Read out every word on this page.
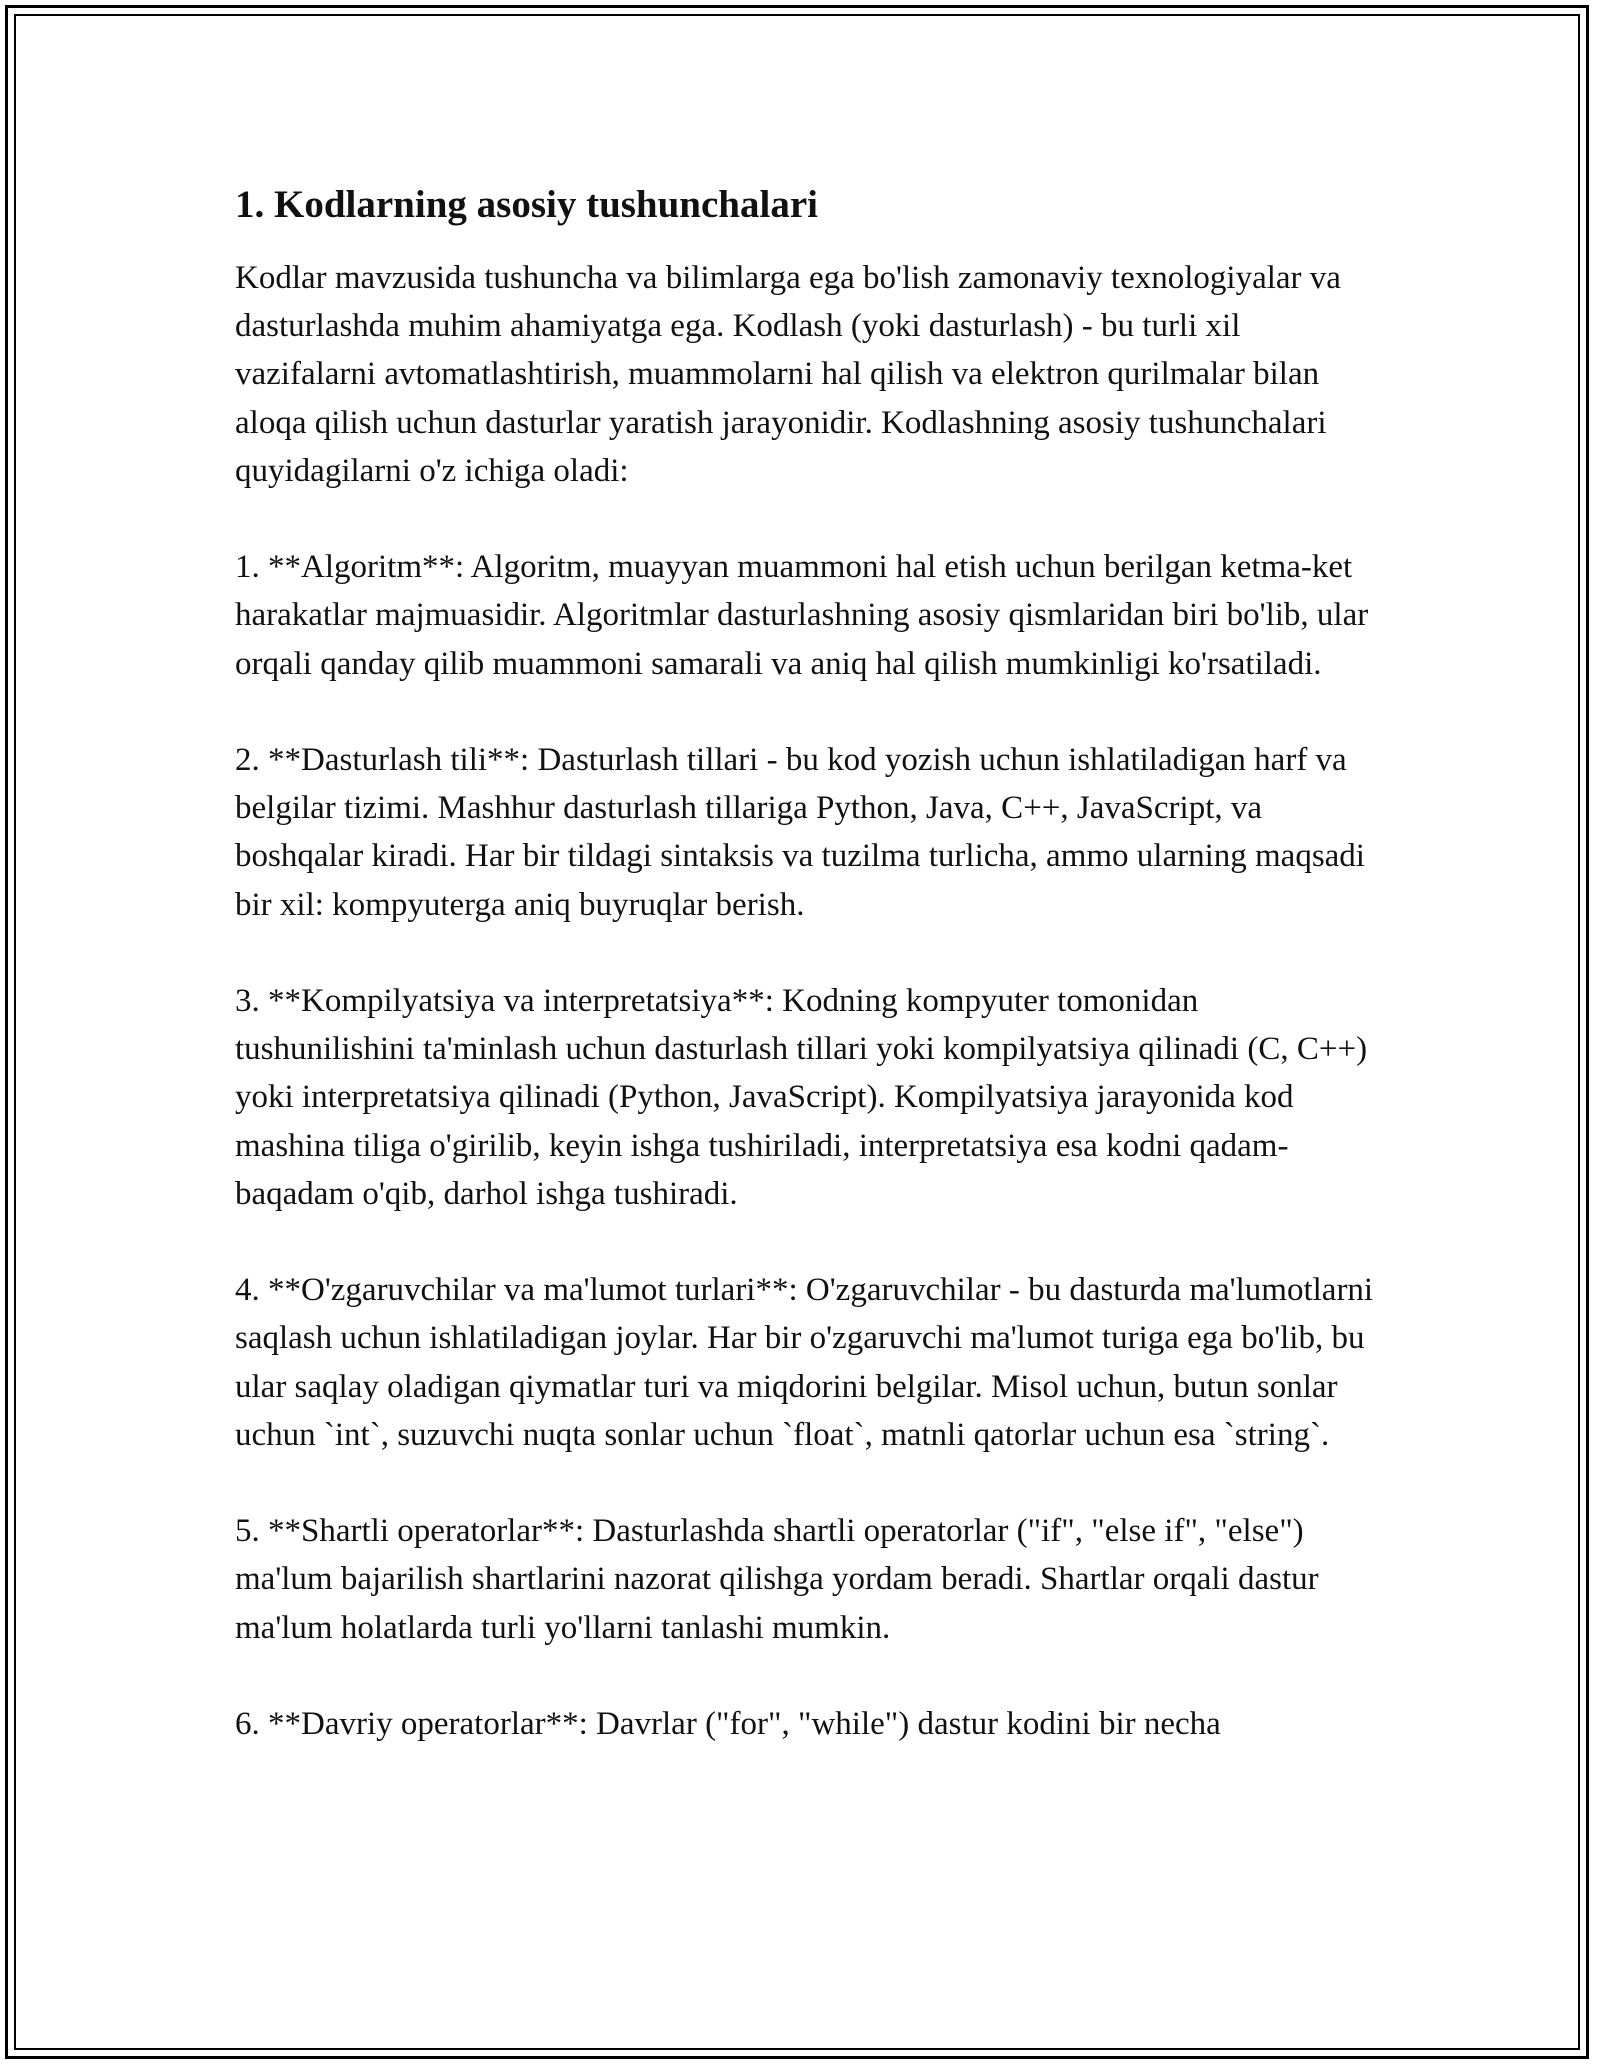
1. Kodlarning asosiy tushunchalari

Kodlar mavzusida tushuncha va bilimlarga ega bo'lish zamonaviy texnologiyalar va dasturlashda muhim ahamiyatga ega. Kodlash (yoki dasturlash) - bu turli xil vazifalarni avtomatlashtirish, muammolarni hal qilish va elektron qurilmalar bilan aloqa qilish uchun dasturlar yaratish jarayonidir. Kodlashning asosiy tushunchalari quyidagilarni o'z ichiga oladi:

1. **Algoritm**: Algoritm, muayyan muammoni hal etish uchun berilgan ketma-ket harakatlar majmuasidir. Algoritmlar dasturlashning asosiy qismlaridan biri bo'lib, ular orqali qanday qilib muammoni samarali va aniq hal qilish mumkinligi ko'rsatiladi.

2. **Dasturlash tili**: Dasturlash tillari - bu kod yozish uchun ishlatiladigan harf va belgilar tizimi. Mashhur dasturlash tillariga Python, Java, C++, JavaScript, va boshqalar kiradi. Har bir tildagi sintaksis va tuzilma turlicha, ammo ularning maqsadi bir xil: kompyuterga aniq buyruqlar berish.

3. **Kompilyatsiya va interpretatsiya**: Kodning kompyuter tomonidan tushunilishini ta'minlash uchun dasturlash tillari yoki kompilyatsiya qilinadi (C, C++) yoki interpretatsiya qilinadi (Python, JavaScript). Kompilyatsiya jarayonida kod mashina tiliga o'girilib, keyin ishga tushiriladi, interpretatsiya esa kodni qadam-baqadam o'qib, darhol ishga tushiradi.

4. **O'zgaruvchilar va ma'lumot turlari**: O'zgaruvchilar - bu dasturda ma'lumotlarni saqlash uchun ishlatiladigan joylar. Har bir o'zgaruvchi ma'lumot turiga ega bo'lib, bu ular saqlay oladigan qiymatlar turi va miqdorini belgilar. Misol uchun, butun sonlar uchun `int`, suzuvchi nuqta sonlar uchun `float`, matnli qatorlar uchun esa `string`.

5. **Shartli operatorlar**: Dasturlashda shartli operatorlar ("if", "else if", "else") ma'lum bajarilish shartlarini nazorat qilishga yordam beradi. Shartlar orqali dastur ma'lum holatlarda turli yo'llarni tanlashi mumkin.

6. **Davriy operatorlar**: Davrlar ("for", "while") dastur kodini bir necha
